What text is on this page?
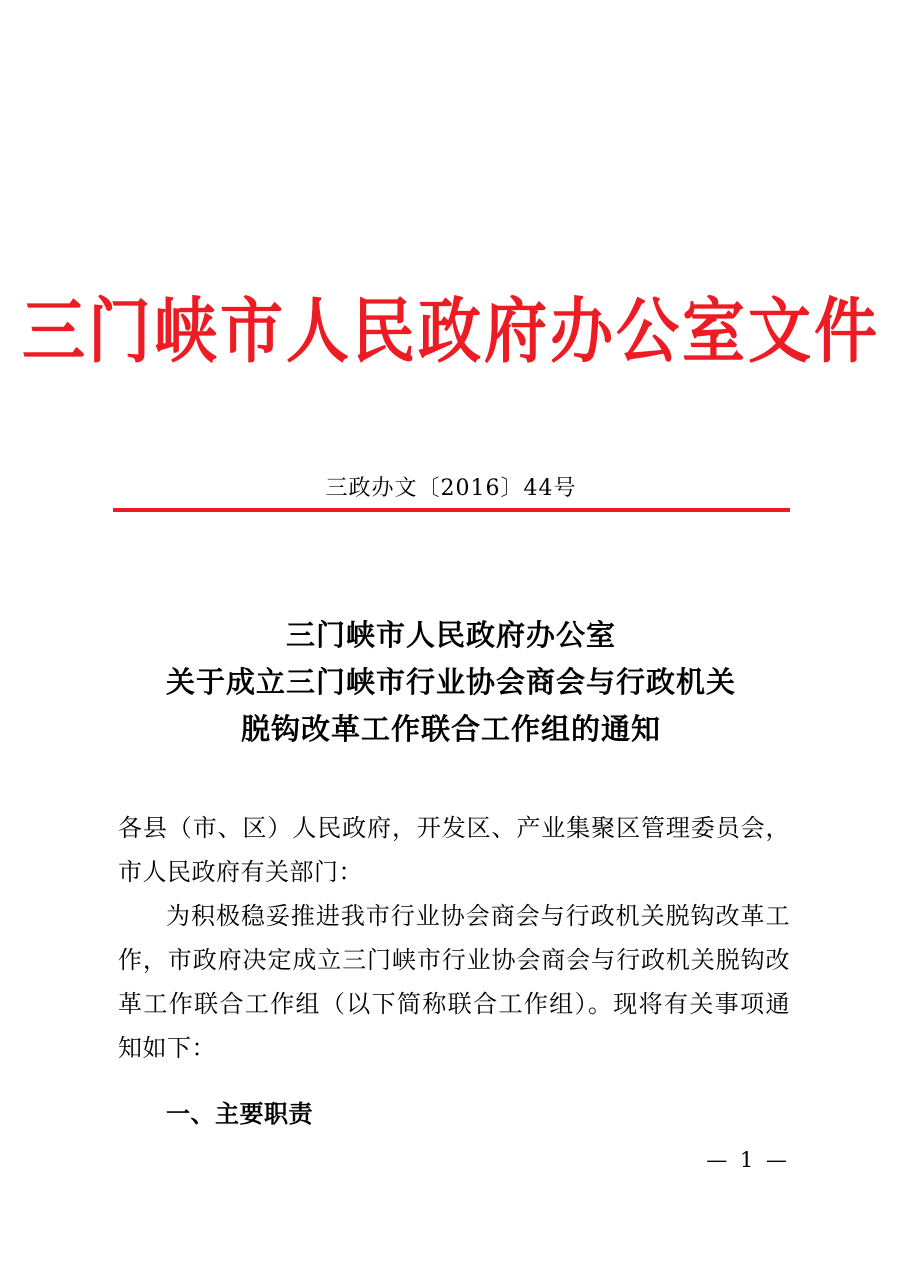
三门峡市人民政府办公室文件
三政办文〔2016〕44号
三门峡市人民政府办公室
关于成立三门峡市行业协会商会与行政机关
脱钩改革工作联合工作组的通知

各县（市、区）人民政府，开发区、产业集聚区管理委员会，市人民政府有关部门：

为积极稳妥推进我市行业协会商会与行政机关脱钩改革工作，市政府决定成立三门峡市行业协会商会与行政机关脱钩改革工作联合工作组（以下简称联合工作组）。现将有关事项通知如下：

一、主要职责

— 1 —
